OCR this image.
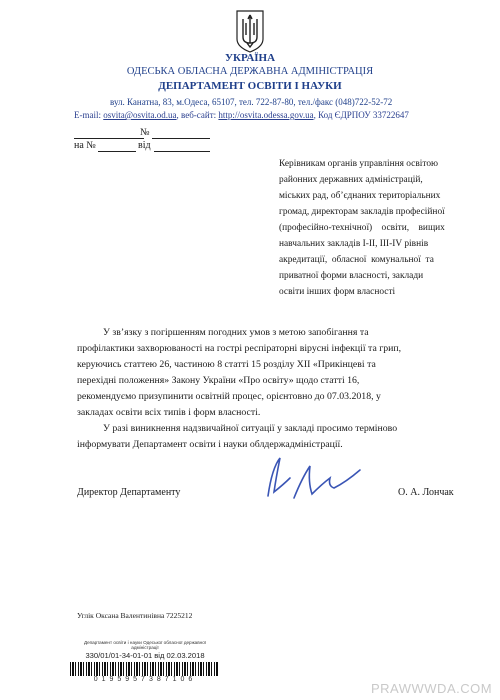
УКРАЇНА
ОДЕСЬКА ОБЛАСНА ДЕРЖАВНА АДМІНІСТРАЦІЯ
ДЕПАРТАМЕНТ ОСВІТИ І НАУКИ
вул. Канатна, 83, м.Одеса, 65107, тел. 722-87-80, тел./факс (048)722-52-72
E-mail: osvita@osvita.od.ua, веб-сайт: http://osvita.odessa.gov.ua, Код ЄДРПОУ 33722647
№
на №	від
Керівникам органів управління освітою
районних державних адміністрацій,
міських рад, об’єднаних територіальних
громад, директорам закладів професійної
(професійно-технічної)    освіти,    вищих
навчальних закладів І-ІІ, ІІІ-ІV рівнів
акредитації,  обласної  комунальної  та
приватної форми власності, заклади
освіти інших форм власності
У зв’язку з погіршенням погодних умов з метою запобігання та
профілактики захворюваності на гострі респіраторні вірусні інфекції та грип,
керуючись статтею 26, частиною 8 статті 15 розділу XII «Прикінцеві та
перехідні положення» Закону України «Про освіту» щодо статті 16,
рекомендуємо призупинити освітній процес, орієнтовно до 07.03.2018, у
закладах освіти всіх типів і форм власності.
У разі виникнення надзвичайної ситуації у закладі просимо терміново
інформувати Департамент освіти і науки облдержадміністрації.
Директор Департаменту	О. А. Лончак
Углік Оксана Валентинівна 7225212
Департамент освіти і науки Одеської обласної державної
адміністрації
330/01/01-34-01-01 від 02.03.2018
0195957387106
PRAWWWDA.COM
